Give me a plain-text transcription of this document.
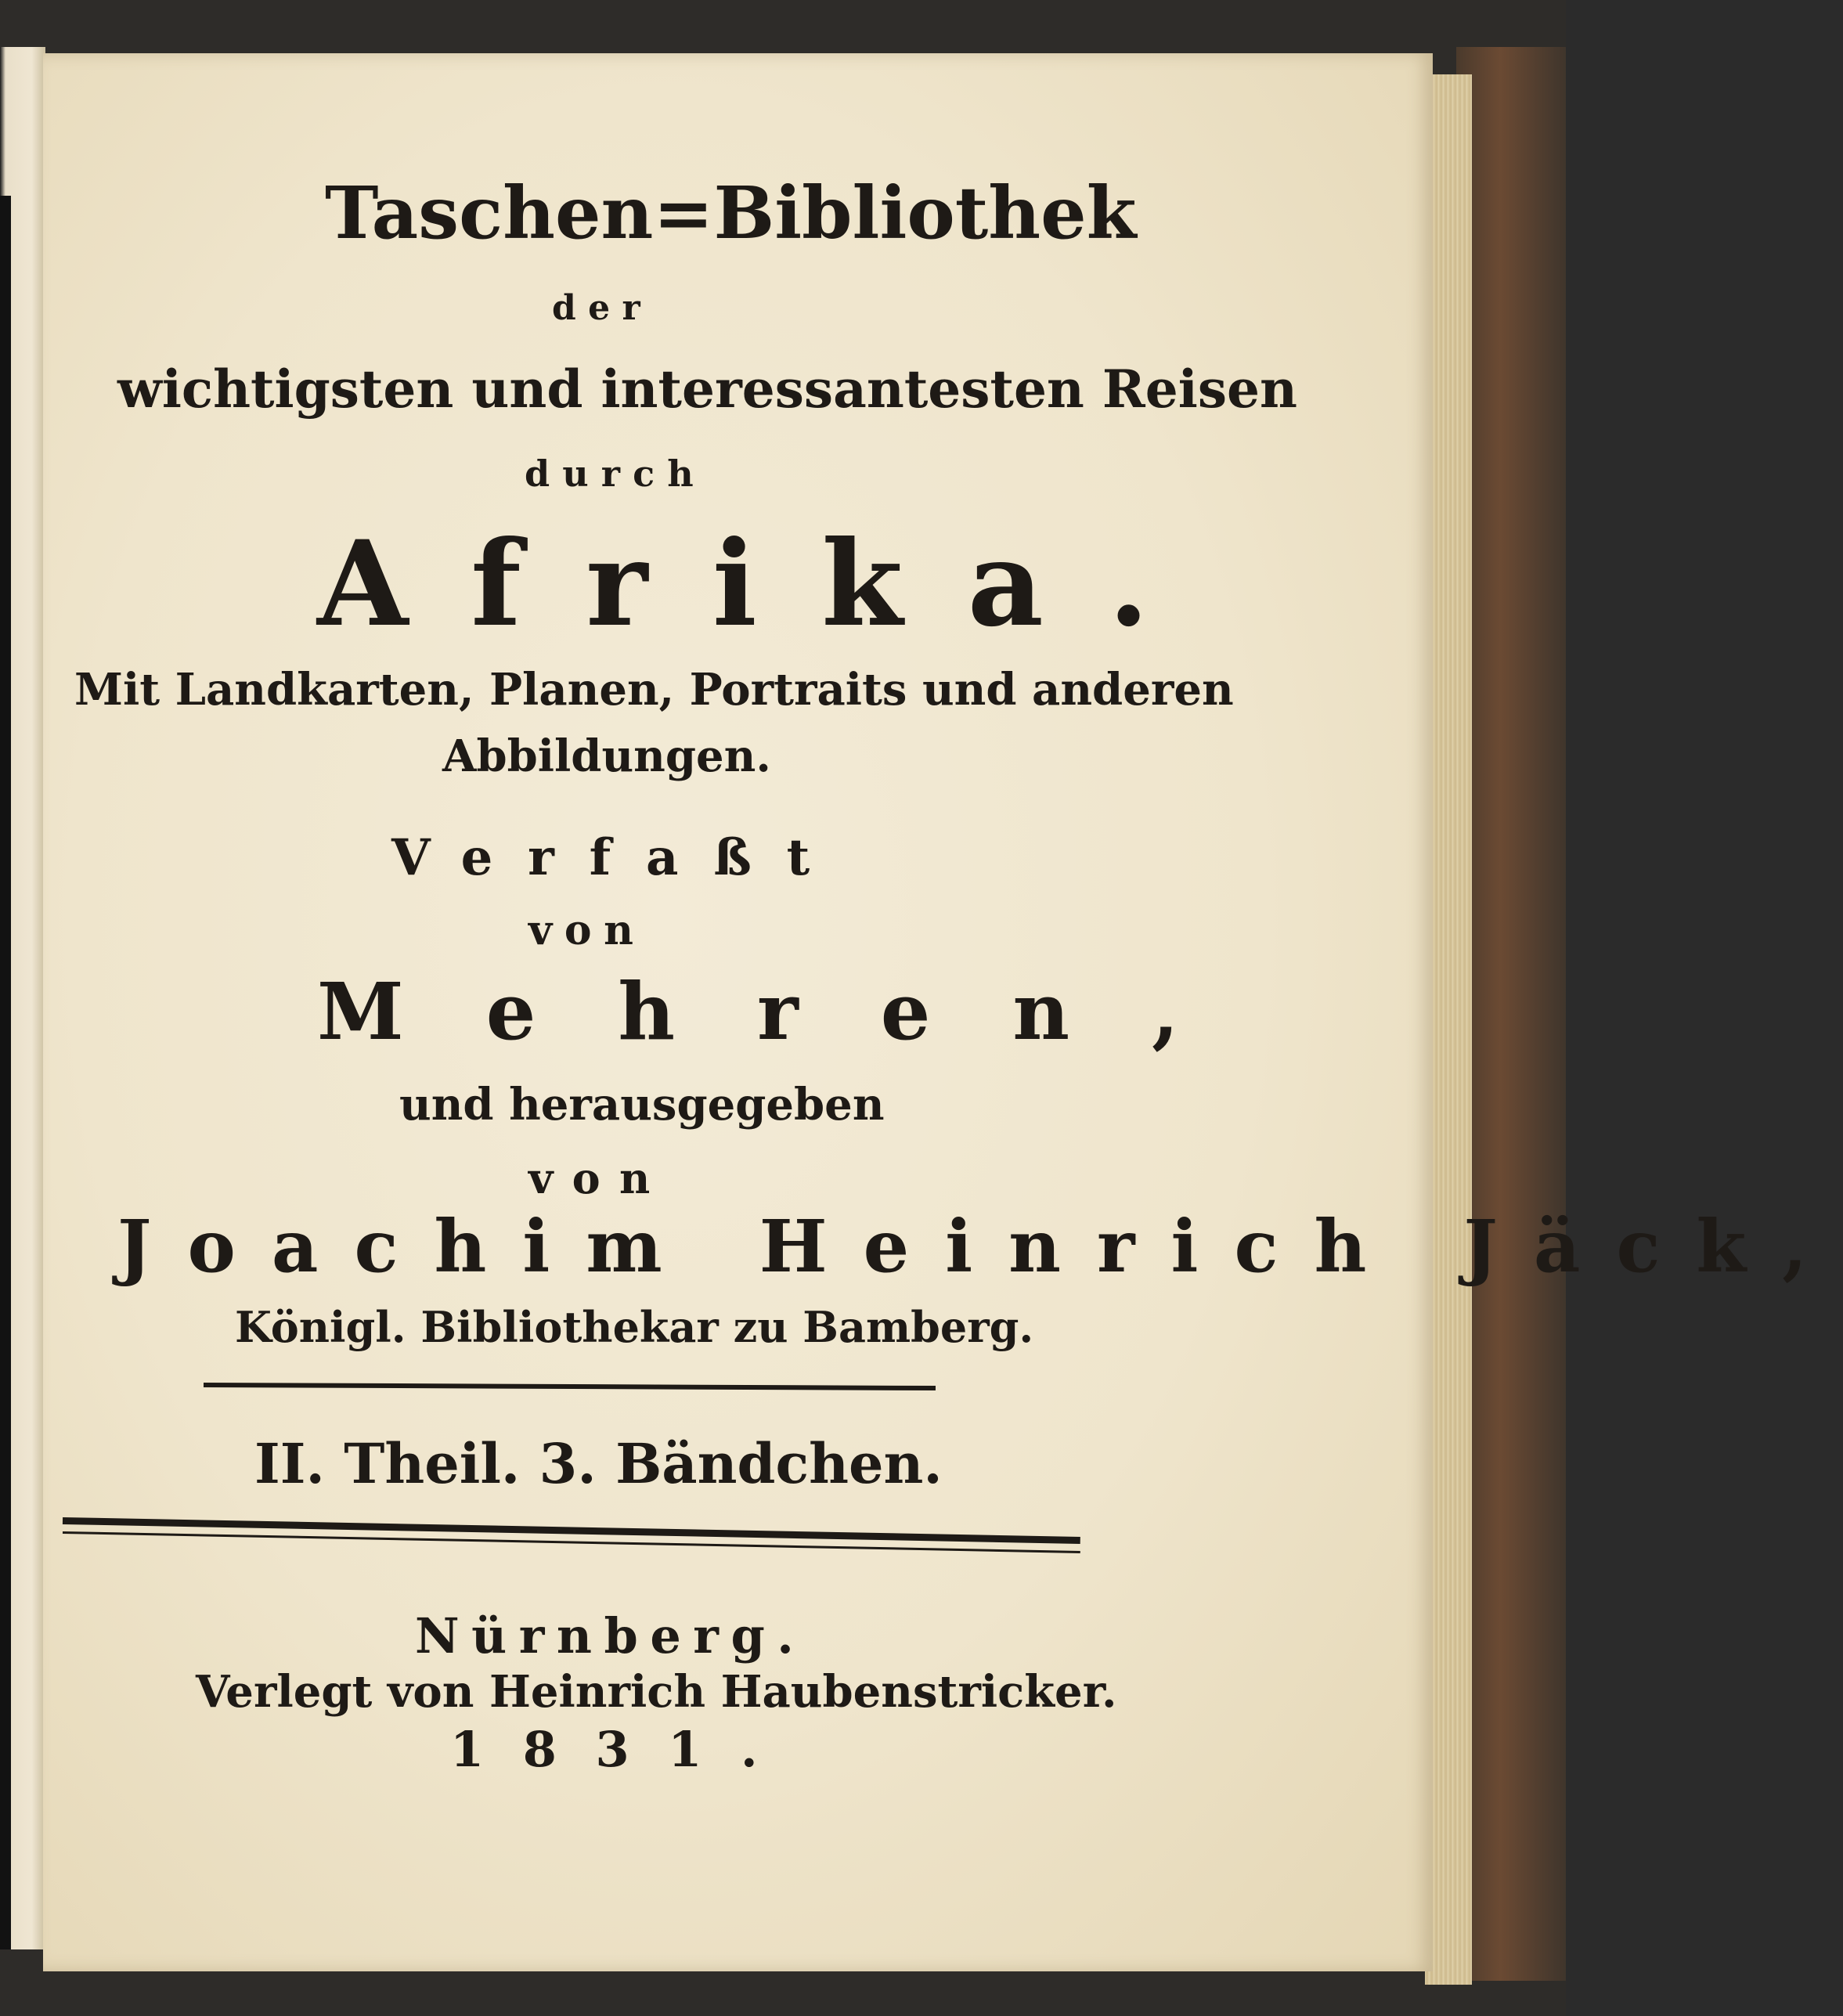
Taschen=Bibliothek
der
wichtigsten und interessantesten Reisen
durch
Afrika.
Mit Landkarten, Planen, Portraits und anderen
Abbildungen.
Verfaßt
von
Mehren,
und herausgegeben
von
Joachim Heinrich Jäck,
Königl. Bibliothekar zu Bamberg.
II. Theil. 3. Bändchen.
Nürnberg.
Verlegt von Heinrich Haubenstricker.
1831.
